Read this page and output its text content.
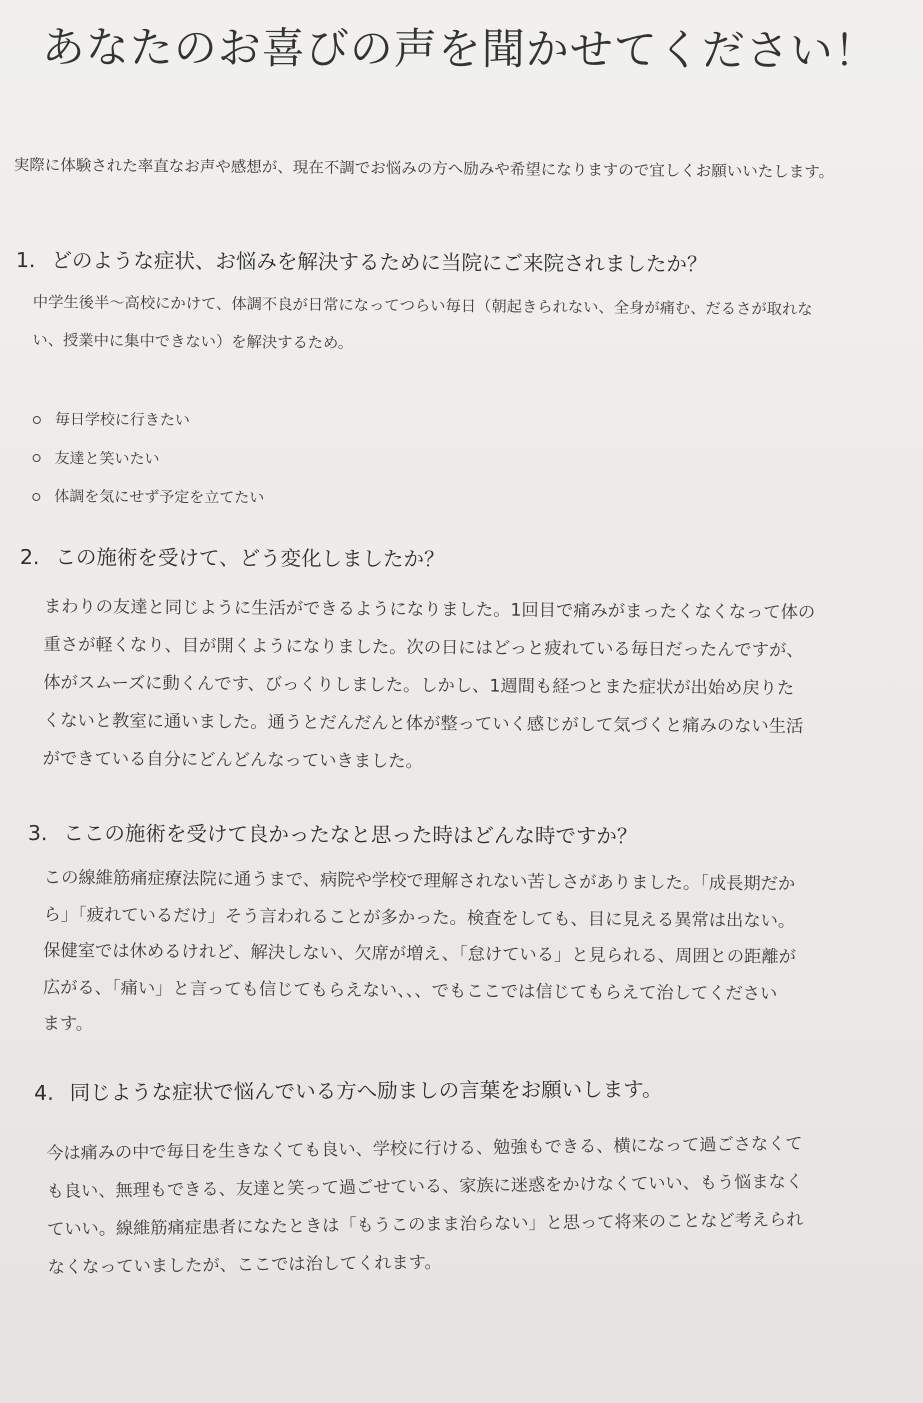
あなたのお喜びの声を聞かせてください！
実際に体験された率直なお声や感想が、現在不調でお悩みの方へ励みや希望になりますので宜しくお願いいたします。
1. どのような症状、お悩みを解決するために当院にご来院されましたか？

中学生後半～高校にかけて、体調不良が日常になってつらい毎日（朝起きられない、全身が痛む、だるさが取れな

い、授業中に集中できない）を解決するため。

毎日学校に行きたい
友達と笑いたい
体調を気にせず予定を立てたい
2. この施術を受けて、どう変化しましたか？

まわりの友達と同じように生活ができるようになりました。1回目で痛みがまったくなくなって体の

重さが軽くなり、目が開くようになりました。次の日にはどっと疲れている毎日だったんですが、

体がスムーズに動くんです、びっくりしました。しかし、1週間も経つとまた症状が出始め戻りた

くないと教室に通いました。通うとだんだんと体が整っていく感じがして気づくと痛みのない生活

ができている自分にどんどんなっていきました。

3. ここの施術を受けて良かったなと思った時はどんな時ですか？

この線維筋痛症療法院に通うまで、病院や学校で理解されない苦しさがありました。「成長期だか

ら」「疲れているだけ」そう言われることが多かった。検査をしても、目に見える異常は出ない。

保健室では休めるけれど、解決しない、欠席が増え、「怠けている」と見られる、周囲との距離が

広がる、「痛い」と言っても信じてもらえない、、、でもここでは信じてもらえて治してください

ます。

4. 同じような症状で悩んでいる方へ励ましの言葉をお願いします。

今は痛みの中で毎日を生きなくても良い、学校に行ける、勉強もできる、横になって過ごさなくて

も良い、無理もできる、友達と笑って過ごせている、家族に迷惑をかけなくていい、もう悩まなく

ていい。線維筋痛症患者になたときは「もうこのまま治らない」と思って将来のことなど考えられ

なくなっていましたが、ここでは治してくれます。
